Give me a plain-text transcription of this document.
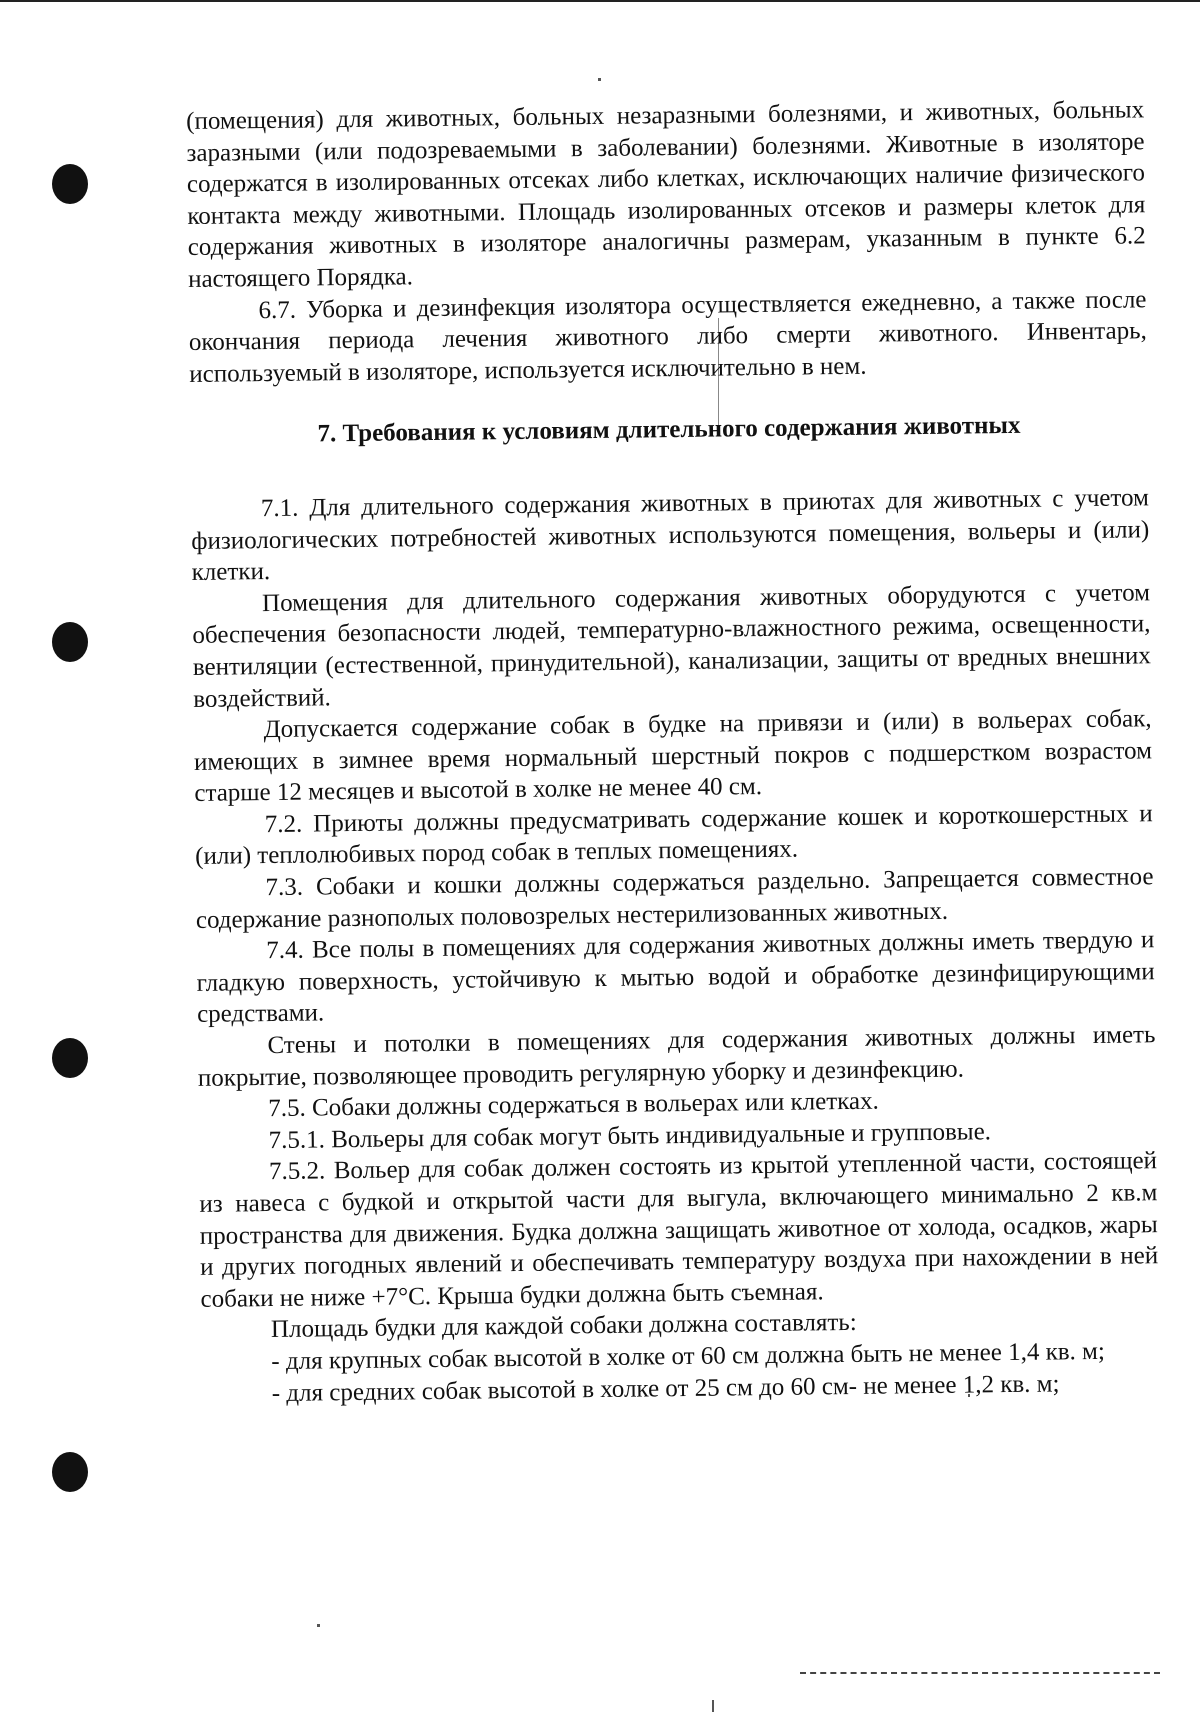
(помещения) для животных, больных незаразными болезнями, и животных, больных заразными (или подозреваемыми в заболевании) болезнями. Животные в изоляторе содержатся в изолированных отсеках либо клетках, исключающих наличие физического контакта между животными. Площадь изолированных отсеков и размеры клеток для содержания животных в изоляторе аналогичны размерам, указанным в пункте 6.2 настоящего Порядка.

6.7. Уборка и дезинфекция изолятора осуществляется ежедневно, а также после окончания периода лечения животного либо смерти животного. Инвентарь, используемый в изоляторе, используется исключительно в нем.

7. Требования к условиям длительного содержания животных

7.1. Для длительного содержания животных в приютах для животных с учетом физиологических потребностей животных используются помещения, вольеры и (или) клетки.

Помещения для длительного содержания животных оборудуются с учетом обеспечения безопасности людей, температурно-влажностного режима, освещенности, вентиляции (естественной, принудительной), канализации, защиты от вредных внешних воздействий.

Допускается содержание собак в будке на привязи и (или) в вольерах собак, имеющих в зимнее время нормальный шерстный покров с подшерстком возрастом старше 12 месяцев и высотой в холке не менее 40 см.

7.2. Приюты должны предусматривать содержание кошек и короткошерстных и (или) теплолюбивых пород собак в теплых помещениях.

7.3. Собаки и кошки должны содержаться раздельно. Запрещается совместное содержание разнополых половозрелых нестерилизованных животных.

7.4. Все полы в помещениях для содержания животных должны иметь твердую и гладкую поверхность, устойчивую к мытью водой и обработке дезинфицирующими средствами.

Стены и потолки в помещениях для содержания животных должны иметь покрытие, позволяющее проводить регулярную уборку и дезинфекцию.

7.5. Собаки должны содержаться в вольерах или клетках.

7.5.1. Вольеры для собак могут быть индивидуальные и групповые.

7.5.2. Вольер для собак должен состоять из крытой утепленной части, состоящей из навеса с будкой и открытой части для выгула, включающего минимально 2 кв.м пространства для движения. Будка должна защищать животное от холода, осадков, жары и других погодных явлений и обеспечивать температуру воздуха при нахождении в ней собаки не ниже +7°С. Крыша будки должна быть съемная.

Площадь будки для каждой собаки должна составлять:

- для крупных собак высотой в холке от 60 см должна быть не менее 1,4 кв. м;

- для средних собак высотой в холке от 25 см до 60 см- не менее 1,2 кв. м;
